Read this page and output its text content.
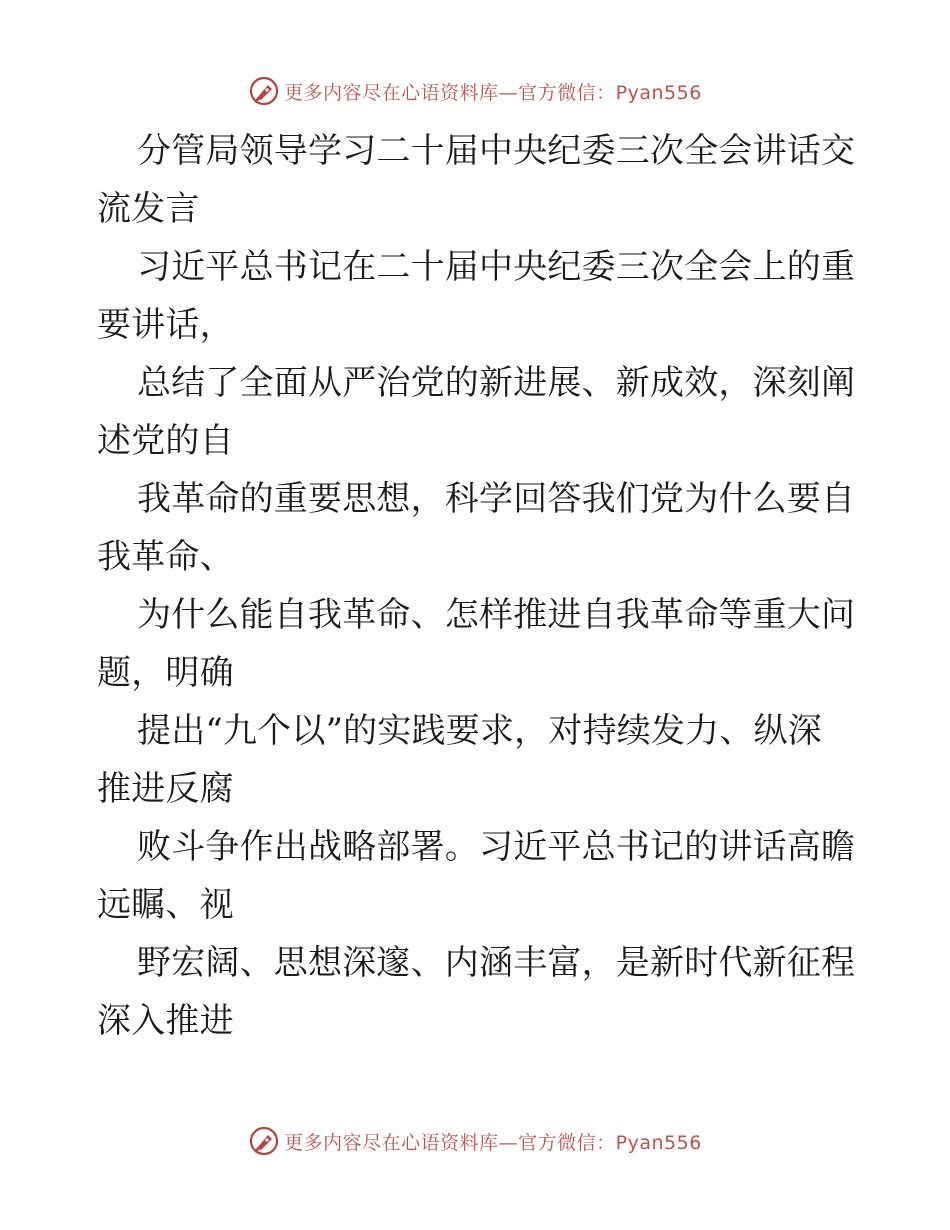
更多内容尽在心语资料库—官方微信：Pyan556

分管局领导学习二十届中央纪委三次全会讲话交
流发言

习近平总书记在二十届中央纪委三次全会上的重
要讲话，

总结了全面从严治党的新进展、新成效，深刻阐
述党的自

我革命的重要思想，科学回答我们党为什么要自
我革命、

为什么能自我革命、怎样推进自我革命等重大问
题，明确

提出“九个以”的实践要求，对持续发力、纵深
推进反腐

败斗争作出战略部署。习近平总书记的讲话高瞻
远瞩、视

野宏阔、思想深邃、内涵丰富，是新时代新征程
深入推进

更多内容尽在心语资料库—官方微信：Pyan556
